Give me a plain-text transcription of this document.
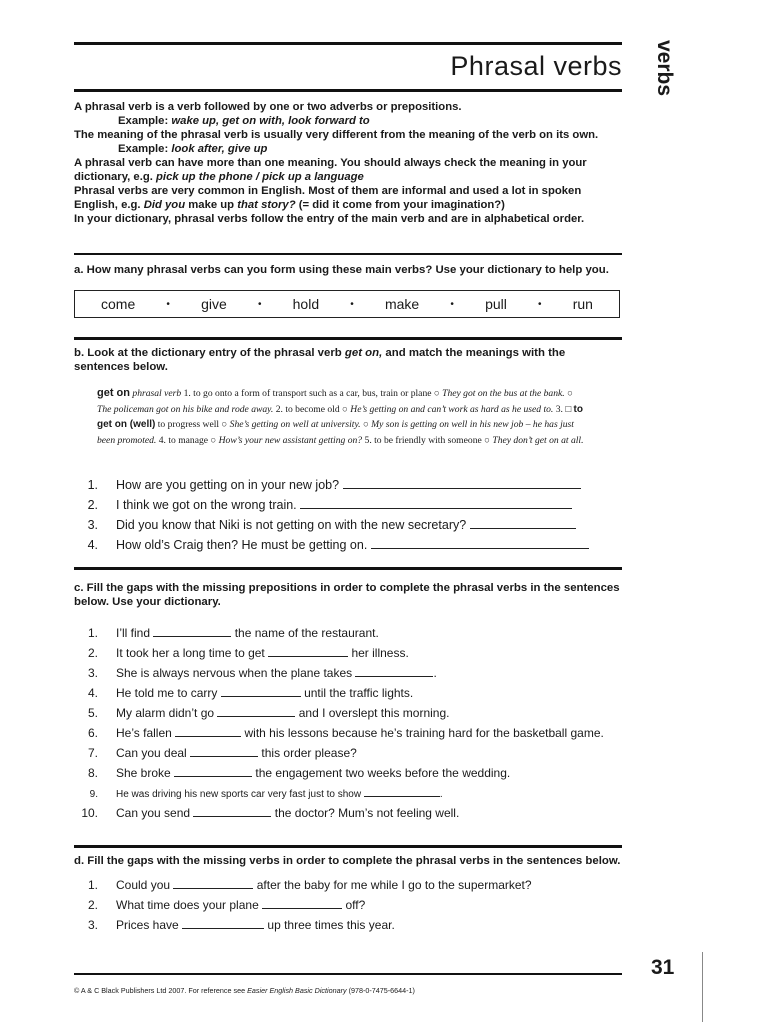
verbs
Phrasal verbs

A phrasal verb is a verb followed by one or two adverbs or prepositions.

Example: wake up, get on with, look forward to

The meaning of the phrasal verb is usually very different from the meaning of the verb on its own.

Example: look after, give up

A phrasal verb can have more than one meaning. You should always check the meaning in your dictionary, e.g. pick up the phone / pick up a language

Phrasal verbs are very common in English. Most of them are informal and used a lot in spoken English, e.g. Did you make up that story? (= did it come from your imagination?)

In your dictionary, phrasal verbs follow the entry of the main verb and are in alphabetical order.

a. How many phrasal verbs can you form using these main verbs? Use your dictionary to help you.
come	• give	• hold	• make	• pull	• run
b. Look at the dictionary entry of the phrasal verb get on, and match the meanings with the sentences below.
get on phrasal verb 1. to go onto a form of transport such as a car, bus, train or plane ○ They got on the bus at the bank. ○ The policeman got on his bike and rode away. 2. to become old ○ He’s getting on and can’t work as hard as he used to. 3. □ to get on (well) to progress well ○ She’s getting on well at university. ○ My son is getting on well in his new job – he has just been promoted. 4. to manage ○ How’s your new assistant getting on? 5. to be friendly with someone ○ They don’t get on at all.
1.	How are you getting on in your new job?

2.	I think we got on the wrong train.

3.	Did you know that Niki is not getting on with the new secretary?

4.	How old’s Craig then? He must be getting on.

c. Fill the gaps with the missing prepositions in order to complete the phrasal verbs in the sentences below. Use your dictionary.
1.	I’ll find	the name of the restaurant.
2.	It took her a long time to get	her illness.
3.	She is always nervous when the plane takes	.
4.	He told me to carry	until the traffic lights.
5.	My alarm didn’t go	and I overslept this morning.
6.	He’s fallen	with his lessons because he’s training hard for the basketball game.
7.	Can you deal	this order please?
8.	She broke	the engagement two weeks before the wedding.
9.	He was driving his new sports car very fast just to show	.
10.	Can you send	the doctor? Mum’s not feeling well.
d. Fill the gaps with the missing verbs in order to complete the phrasal verbs in the sentences below.
1.	Could you	after the baby for me while I go to the supermarket?
2.	What time does your plane	off?
3.	Prices have	up three times this year.
© A & C Black Publishers Ltd 2007. For reference see Easier English Basic Dictionary (978-0-7475-6644-1)
31
